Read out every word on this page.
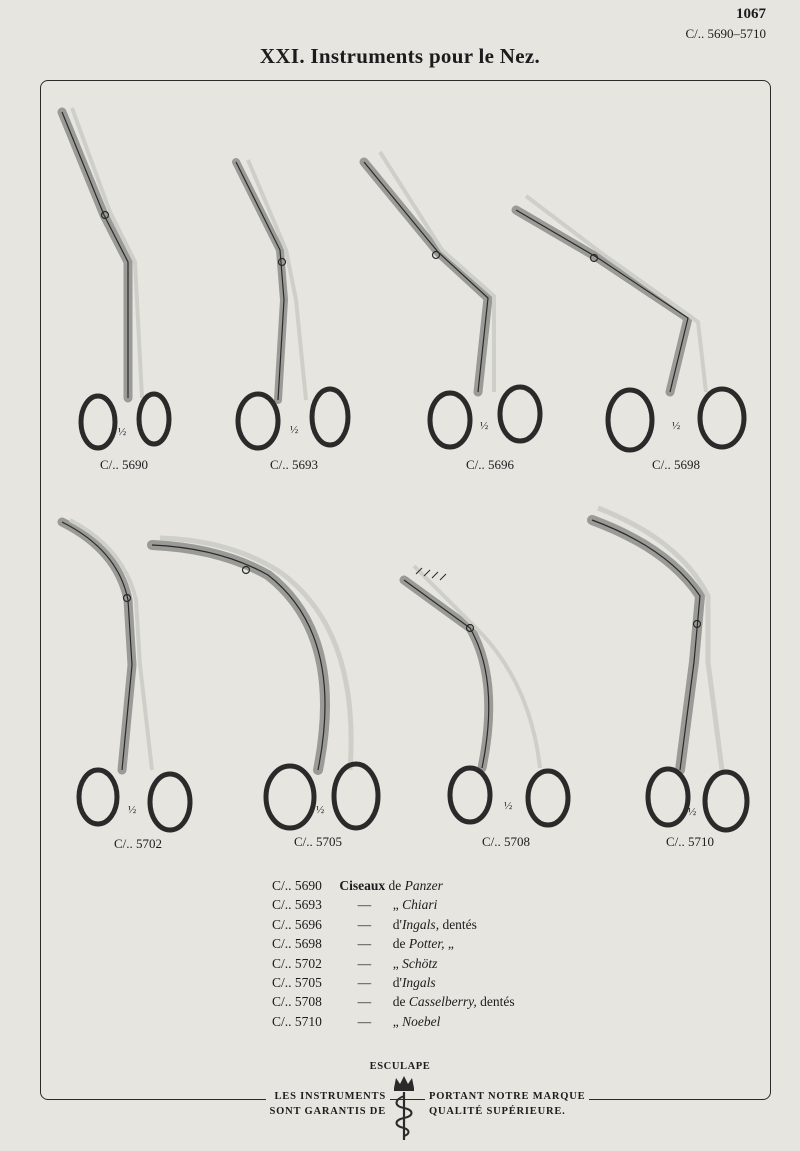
1067
C/.. 5690–5710
XXI. Instruments pour le Nez.
½	½	½	½
½	½	½	½
C/.. 5690	C/.. 5693	C/.. 5696	C/.. 5698
C/.. 5702	C/.. 5705	C/.. 5708	C/.. 5710
C/.. 5690 Ciseaux de Panzer
C/.. 5693	— „ Chiari
C/.. 5696	— d'Ingals, dentés
C/.. 5698	— de Potter, „
C/.. 5702	— „ Schötz
C/.. 5705	— d'Ingals
C/.. 5708	— de Casselberry, dentés
C/.. 5710	— „ Noebel
ESCULAPE
LES INSTRUMENTS
SONT GARANTIS DE
PORTANT NOTRE MARQUE
QUALITÉ SUPÉRIEURE.
